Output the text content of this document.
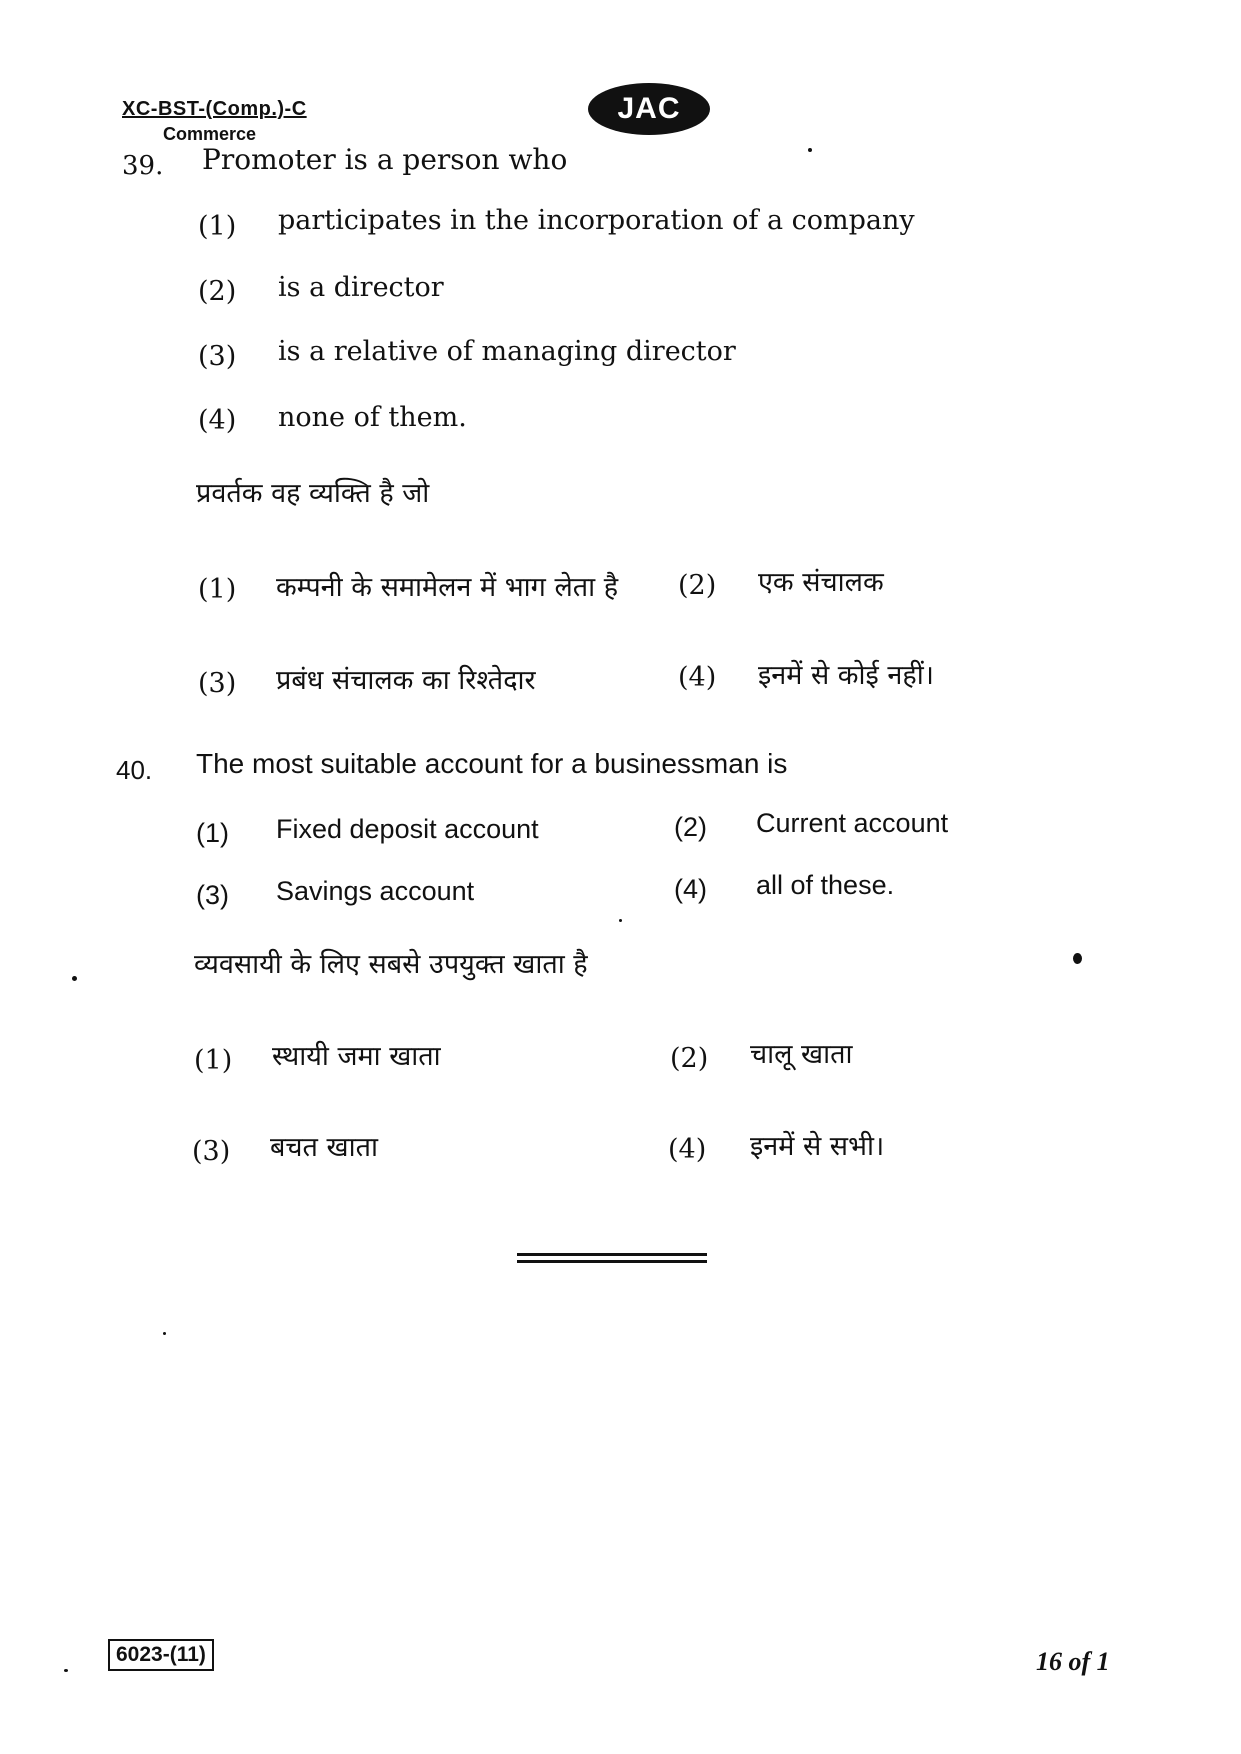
XC-BST-(Comp.)-C
Commerce
JAC
39. Promoter is a person who
(1) participates in the incorporation of a company
(2) is a director
(3) is a relative of managing director
(4) none of them.
प्रवर्तक वह व्यक्ति है जो
(1) कम्पनी के समामेलन में भाग लेता है (2) एक संचालक
(3) प्रबंध संचालक का रिश्तेदार	(4) इनमें से कोई नहीं।
40. The most suitable account for a businessman is
(1) Fixed deposit account	(2) Current account
(3) Savings account	(4) all of these.
व्यवसायी के लिए सबसे उपयुक्त खाता है
(1) स्थायी जमा खाता	(2) चालू खाता
(3) बचत खाता	(4) इनमें से सभी।
6023-(11)	16 of 1
